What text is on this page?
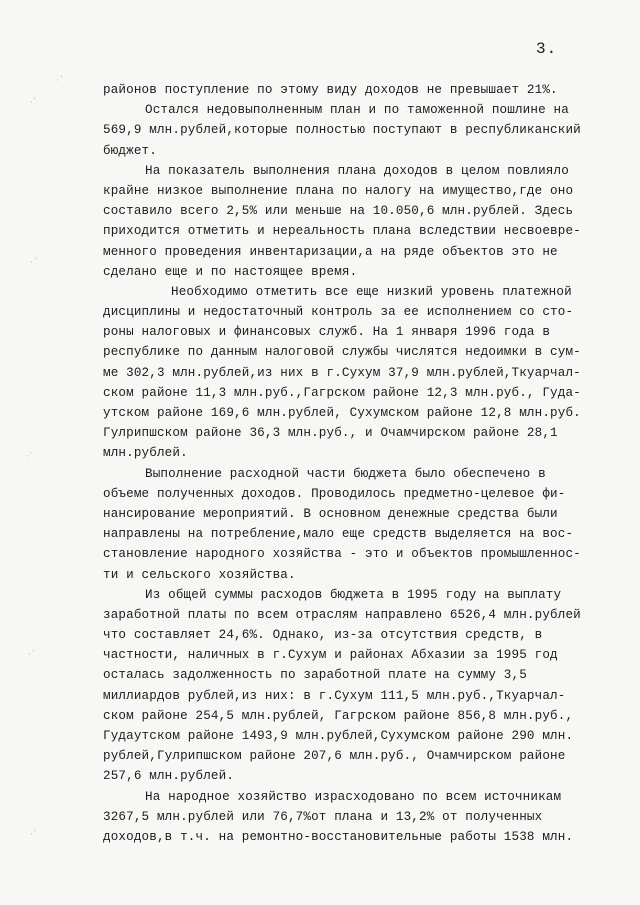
3.
·ˊ
·ˋ
·ˊ
·ˋ
·ˊ
·ˋ
районов поступление по этому виду доходов не превышает 21%.
Остался недовыполненным план и по таможенной пошлине на
569,9 млн.рублей,которые полностью поступают в республиканский
бюджет.
На показатель выполнения плана доходов в целом повлияло
крайне низкое выполнение плана по налогу на имущество,где оно
составило всего 2,5% или меньше на 10.050,6 млн.рублей. Здесь
приходится отметить и нереальность плана вследствии несвоевре-
менного проведения инвентаризации,а на ряде объектов это не
сделано еще и по настоящее время.
Необходимо отметить все еще низкий уровень платежной
дисциплины и недостаточный контроль за ее исполнением со сто-
роны налоговых и финансовых служб. На 1 января 1996 года в
республике по данным налоговой службы числятся недоимки в сум-
ме 302,3 млн.рублей,из них в г.Сухум 37,9 млн.рублей,Ткуарчал-
ском районе 11,3 млн.руб.,Гагрском районе 12,3 млн.руб., Гуда-
утском районе 169,6 млн.рублей, Сухумском районе 12,8 млн.руб.
Гулрипшском районе 36,3 млн.руб., и Очамчирском районе 28,1
млн.рублей.
Выполнение расходной части бюджета было обеспечено в
объеме полученных доходов. Проводилось предметно-целевое фи-
нансирование мероприятий. В основном денежные средства были
направлены на потребление,мало еще средств выделяется на вос-
становление народного хозяйства - это и объектов промышленнос-
ти и сельского хозяйства.
Из общей суммы расходов бюджета в 1995 году на выплату
заработной платы по всем отраслям направлено 6526,4 млн.рублей
что составляет 24,6%. Однако, из-за отсутствия средств, в
частности, наличных в г.Сухум и районах Абхазии за 1995 год
осталась задолженность по заработной плате на сумму 3,5
миллиардов рублей,из них: в г.Сухум 111,5 млн.руб.,Ткуарчал-
ском районе 254,5 млн.рублей, Гагрском районе 856,8 млн.руб.,
Гудаутском районе 1493,9 млн.рублей,Сухумском районе 290 млн.
рублей,Гулрипшском районе 207,6 млн.руб., Очамчирском районе
257,6 млн.рублей.
На народное хозяйство израсходовано по всем источникам
3267,5 млн.рублей или 76,7%от плана и 13,2% от полученных
доходов,в т.ч. на ремонтно-восстановительные работы 1538 млн.
